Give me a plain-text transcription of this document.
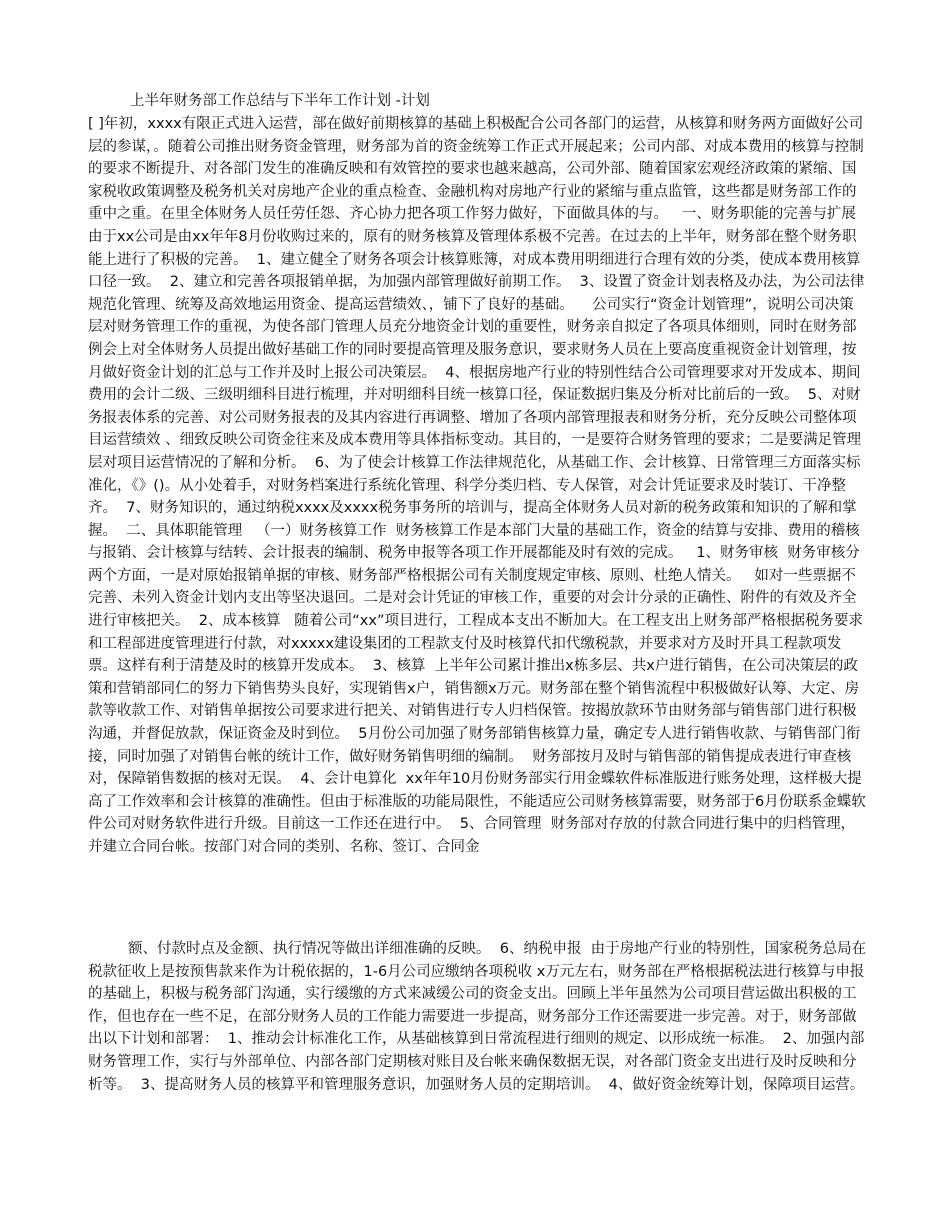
上半年财务部工作总结与下半年工作计划 -计划

[ ]年初，xxxx有限正式进入运营，部在做好前期核算的基础上积极配合公司各部门的运营，从核算和财务两方面做好公司层的参谋，。随着公司推出财务资金管理，财务部为首的资金统筹工作正式开展起来；公司内部、对成本费用的核算与控制的要求不断提升、对各部门发生的准确反映和有效管控的要求也越来越高，公司外部、随着国家宏观经济政策的紧缩、国家税收政策调整及税务机关对房地产企业的重点检查、金融机构对房地产行业的紧缩与重点监管，这些都是财务部工作的重中之重。在里全体财务人员任劳任怨、齐心协力把各项工作努力做好，下面做具体的与。   一、财务职能的完善与扩展  由于xx公司是由xx年年8月份收购过来的，原有的财务核算及管理体系极不完善。在过去的上半年，财务部在整个财务职能上进行了积极的完善。  1、建立健全了财务各项会计核算账簿，对成本费用明细进行合理有效的分类，使成本费用核算口径一致。  2、建立和完善各项报销单据，为加强内部管理做好前期工作。  3、设置了资金计划表格及办法，为公司法律规范化管理、统筹及高效地运用资金、提高运营绩效、，铺下了良好的基础。    公司实行“资金计划管理”，说明公司决策层对财务管理工作的重视，为使各部门管理人员充分地资金计划的重要性，财务亲自拟定了各项具体细则，同时在财务部例会上对全体财务人员提出做好基础工作的同时要提高管理及服务意识，要求财务人员在上要高度重视资金计划管理，按月做好资金计划的汇总与工作并及时上报公司决策层。  4、根据房地产行业的特别性结合公司管理要求对开发成本、期间费用的会计二级、三级明细科目进行梳理，并对明细科目统一核算口径，保证数据归集及分析对比前后的一致。  5、对财务报表体系的完善、对公司财务报表的及其内容进行再调整、增加了各项内部管理报表和财务分析，充分反映公司整体项目运营绩效 、细致反映公司资金往来及成本费用等具体指标变动。其目的，一是要符合财务管理的要求；二是要满足管理层对项目运营情况的了解和分析。  6、为了使会计核算工作法律规范化，从基础工作、会计核算、日常管理三方面落实标准化，《》()。从小处着手，对财务档案进行系统化管理、科学分类归档、专人保管，对会计凭证要求及时装订、干净整齐。  7、财务知识的，通过纳税xxxx及xxxx税务事务所的培训与，提高全体财务人员对新的税务政策和知识的了解和掌握。  二、具体职能管理   （一）财务核算工作  财务核算工作是本部门大量的基础工作，资金的结算与安排、费用的稽核与报销、会计核算与结转、会计报表的编制、税务申报等各项工作开展都能及时有效的完成。   1、财务审核  财务审核分两个方面，一是对原始报销单据的审核、财务部严格根据公司有关制度规定审核、原则、杜绝人情关。   如对一些票据不完善、未列入资金计划内支出等坚决退回。二是对会计凭证的审核工作，重要的对会计分录的正确性、附件的有效及齐全进行审核把关。  2、成本核算   随着公司“xx”项目进行，工程成本支出不断加大。在工程支出上财务部严格根据税务要求和工程部进度管理进行付款，对xxxxx建设集团的工程款支付及时核算代扣代缴税款，并要求对方及时开具工程款项发票。这样有利于清楚及时的核算开发成本。  3、核算  上半年公司累计推出x栋多层、共x户进行销售，在公司决策层的政策和营销部同仁的努力下销售势头良好，实现销售x户，销售额x万元。财务部在整个销售流程中积极做好认筹、大定、房款等收款工作、对销售单据按公司要求进行把关、对销售进行专人归档保管。按揭放款环节由财务部与销售部门进行积极沟通，并督促放款，保证资金及时到位。  5月份公司加强了财务部销售核算力量，确定专人进行销售收款、与销售部门衔接，同时加强了对销售台帐的统计工作，做好财务销售明细的编制。  财务部按月及时与销售部的销售提成表进行审查核对，保障销售数据的核对无误。  4、会计电算化  xx年年10月份财务部实行用金蝶软件标准版进行账务处理，这样极大提高了工作效率和会计核算的准确性。但由于标准版的功能局限性，不能适应公司财务核算需要，财务部于6月份联系金蝶软件公司对财务软件进行升级。目前这一工作还在进行中。  5、合同管理  财务部对存放的付款合同进行集中的归档管理，并建立合同台帐。按部门对合同的类别、名称、签订、合同金

额、付款时点及金额、执行情况等做出详细准确的反映。  6、纳税申报  由于房地产行业的特别性，国家税务总局在税款征收上是按预售款来作为计税依据的，1-6月公司应缴纳各项税收 x万元左右，财务部在严格根据税法进行核算与申报的基础上，积极与税务部门沟通，实行缓缴的方式来减缓公司的资金支出。回顾上半年虽然为公司项目营运做出积极的工作，但也存在一些不足，在部分财务人员的工作能力需要进一步提高，财务部分工作还需要进一步完善。对于，财务部做出以下计划和部署：  1、推动会计标准化工作，从基础核算到日常流程进行细则的规定、以形成统一标准。  2、加强内部财务管理工作，实行与外部单位、内部各部门定期核对账目及台帐来确保数据无误，对各部门资金支出进行及时反映和分析等。  3、提高财务人员的核算平和管理服务意识，加强财务人员的定期培训。  4、做好资金统筹计划，保障项目运营。
